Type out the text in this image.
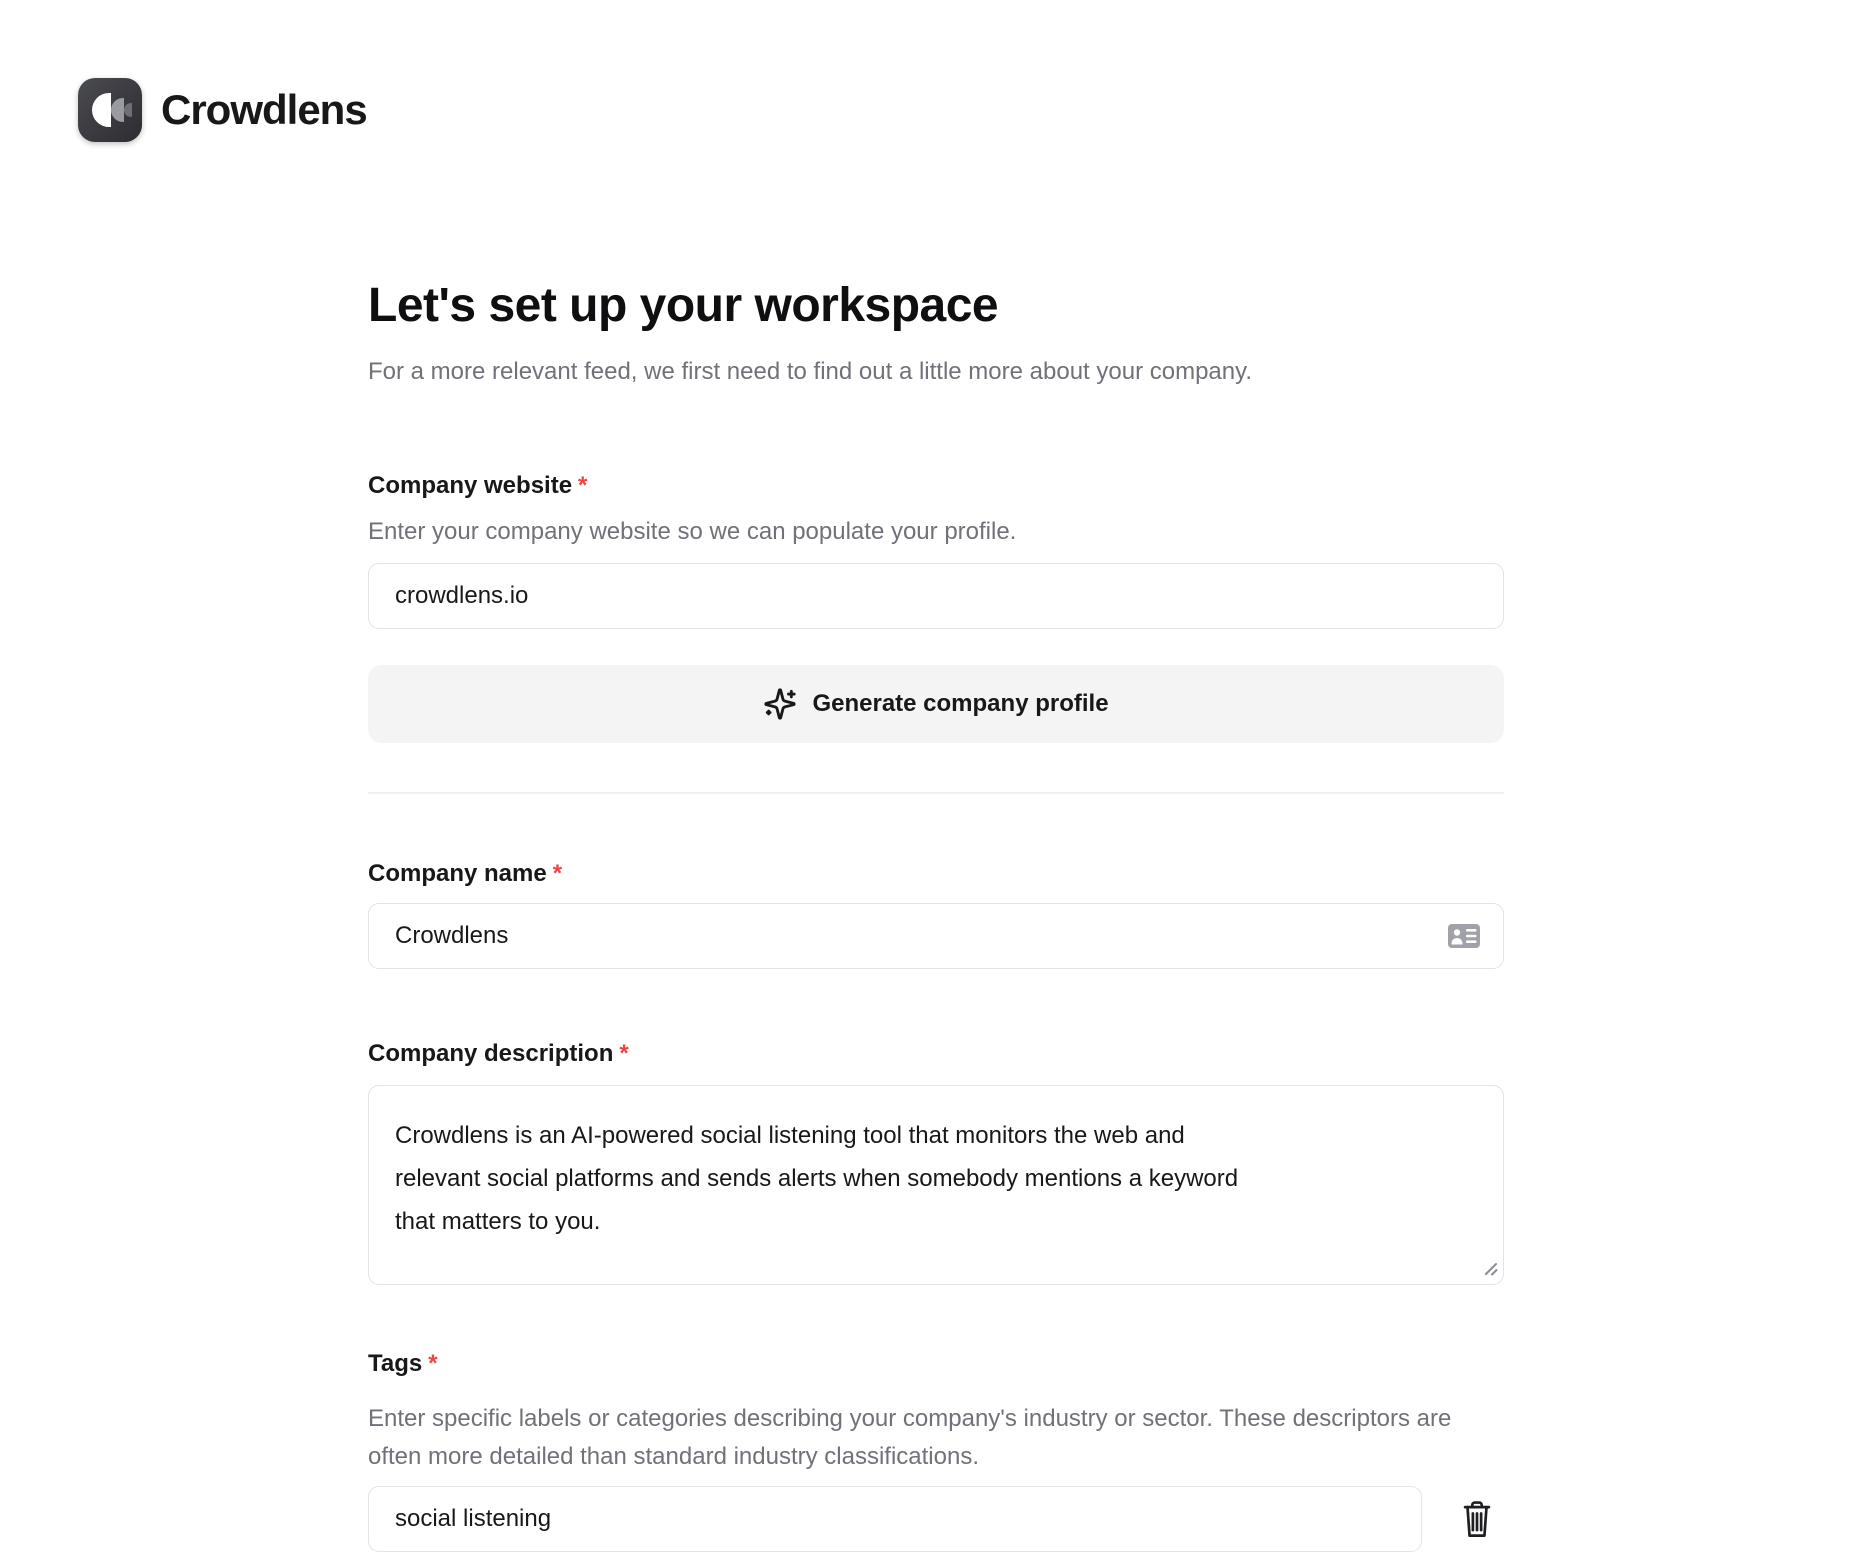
Crowdlens
Let's set up your workspace

For a more relevant feed, we first need to find out a little more about your company.

Company website *

Enter your company website so we can populate your profile.

crowdlens.io
Generate company profile
Company name *
Crowdlens
Company description *
Crowdlens is an AI-powered social listening tool that monitors the web and relevant social platforms and sends alerts when somebody mentions a keyword that matters to you.
Tags *

Enter specific labels or categories describing your company's industry or sector. These descriptors are often more detailed than standard industry classifications.

social listening
